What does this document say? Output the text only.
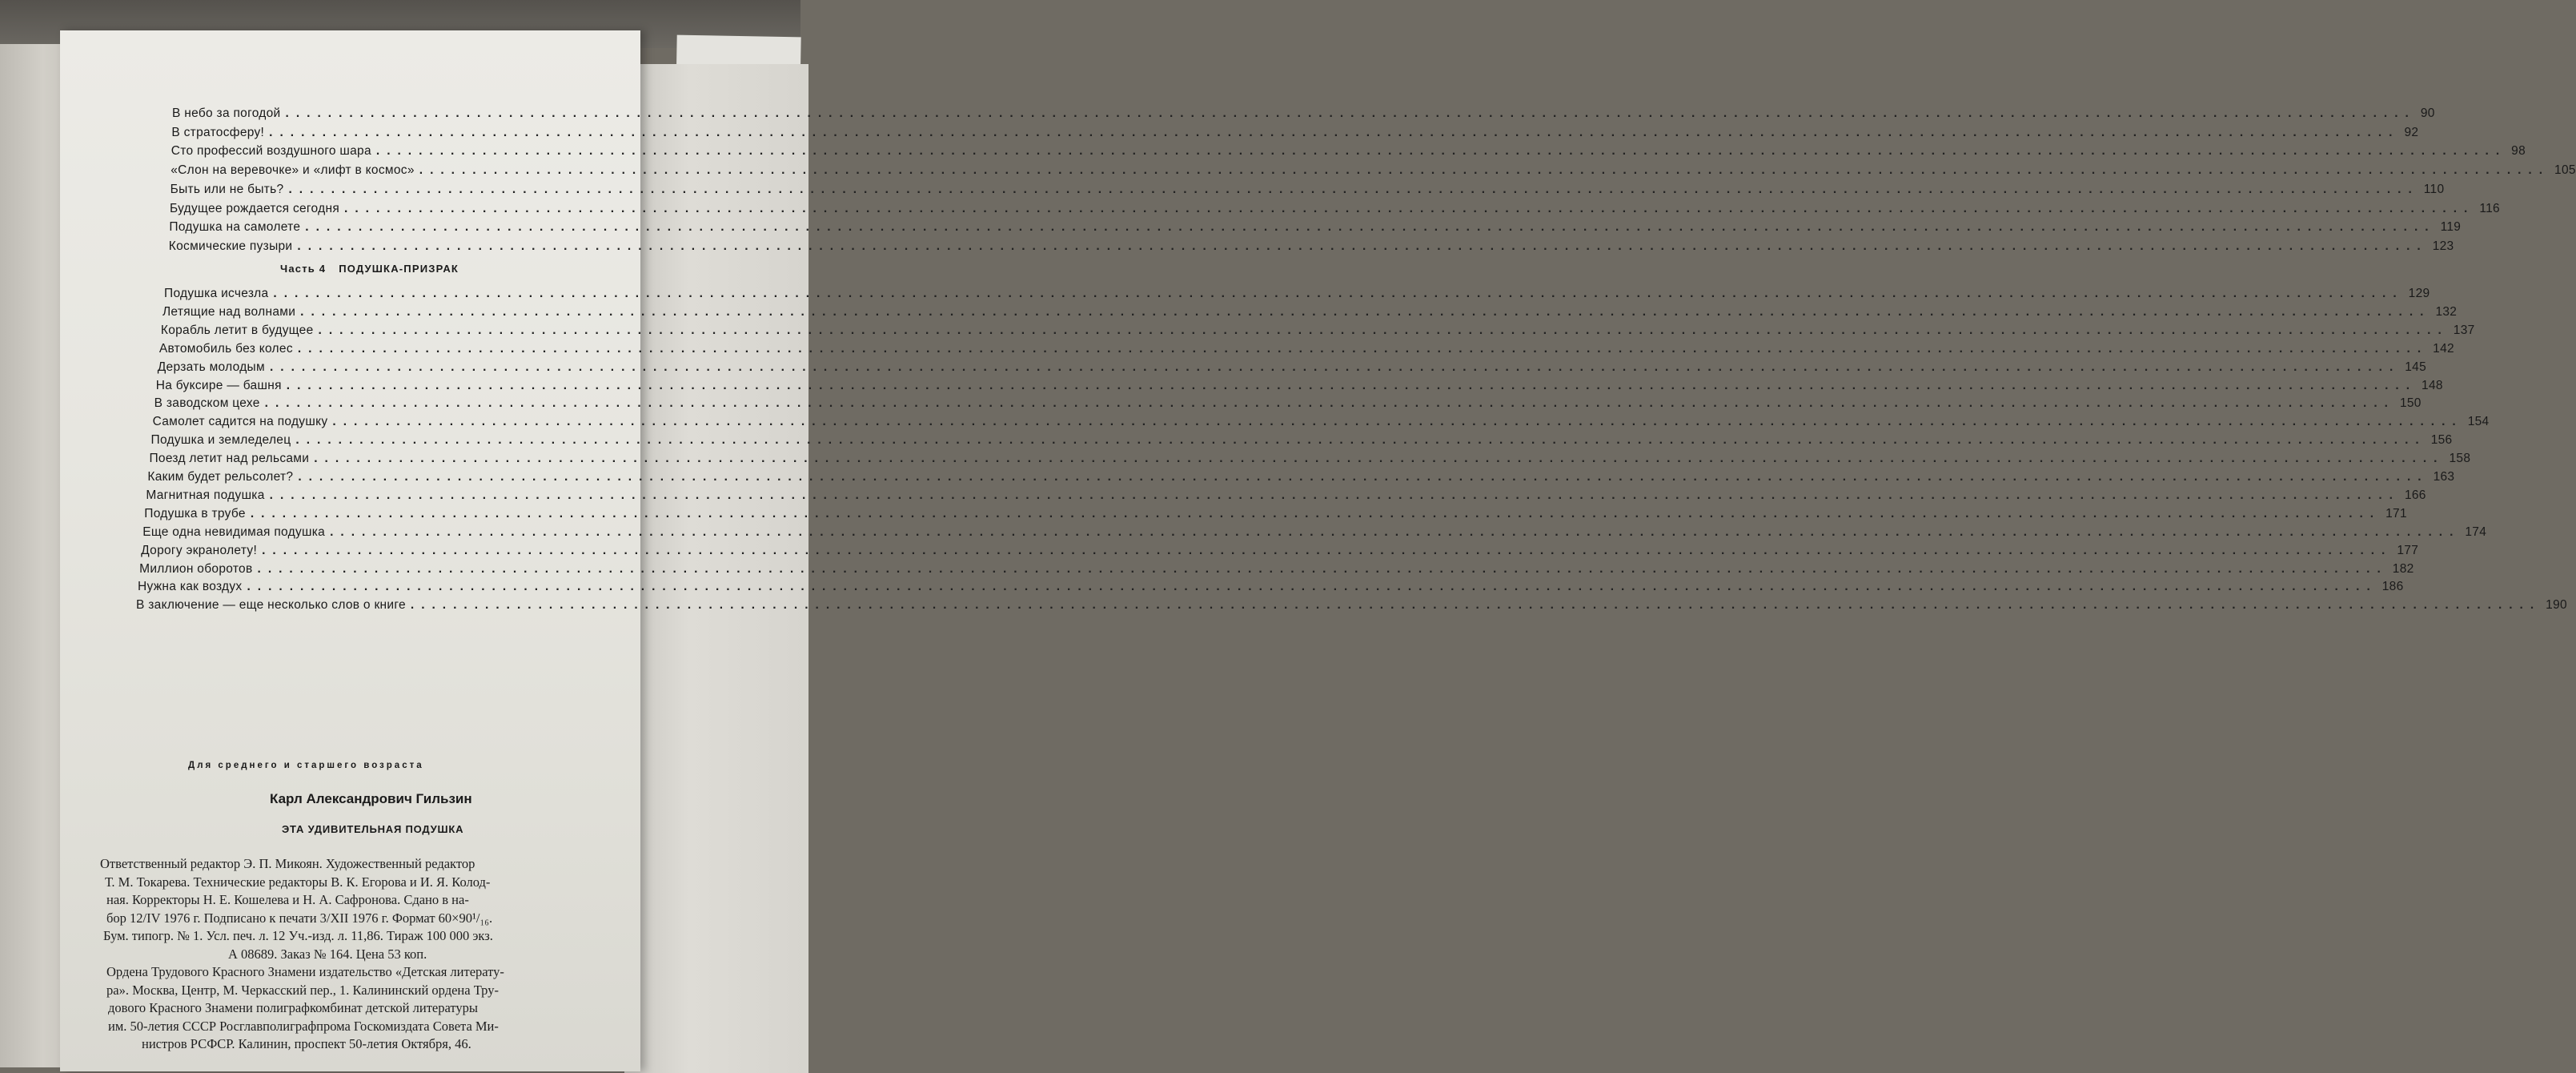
В небо за погодой ........................................................................................................................................................................................................ 90
В стратосферу! ........................................................................................................................................................................................................ 92
Сто профессий воздушного шара ........................................................................................................................................................................................................ 98
«Слон на веревочке» и «лифт в космос» ........................................................................................................................................................................................................ 105
Быть или не быть? ........................................................................................................................................................................................................ 110
Будущее рождается сегодня ........................................................................................................................................................................................................ 116
Подушка на самолете ........................................................................................................................................................................................................ 119
Космические пузыри ........................................................................................................................................................................................................ 123
Подушка исчезла ........................................................................................................................................................................................................ 129
Летящие над волнами ........................................................................................................................................................................................................ 132
Корабль летит в будущее ........................................................................................................................................................................................................ 137
Автомобиль без колес ........................................................................................................................................................................................................ 142
Дерзать молодым ........................................................................................................................................................................................................ 145
На буксире — башня ........................................................................................................................................................................................................ 148
В заводском цехе ........................................................................................................................................................................................................ 150
Самолет садится на подушку ........................................................................................................................................................................................................ 154
Подушка и земледелец ........................................................................................................................................................................................................ 156
Поезд летит над рельсами ........................................................................................................................................................................................................ 158
Каким будет рельсолет? ........................................................................................................................................................................................................ 163
Магнитная подушка ........................................................................................................................................................................................................ 166
Подушка в трубе ........................................................................................................................................................................................................ 171
Еще одна невидимая подушка ........................................................................................................................................................................................................ 174
Дорогу экранолету! ........................................................................................................................................................................................................ 177
Миллион оборотов ........................................................................................................................................................................................................ 182
Нужна как воздух ........................................................................................................................................................................................................ 186
В заключение — еще несколько слов о книге ........................................................................................................................................................................................................ 190
Часть 4 ПОДУШКА-ПРИЗРАК
Для среднего и старшего возраста
Карл Александрович Гильзин
ЭТА УДИВИТЕЛЬНАЯ ПОДУШКА
Ответственный редактор Э. П. Микоян. Художественный редактор
Т. М. Токарева. Технические редакторы В. К. Егорова и И. Я. Колод-
ная. Корректоры Н. Е. Кошелева и Н. А. Сафронова. Сдано в на-
бор 12/IV 1976 г. Подписано к печати 3/XII 1976 г. Формат 60×90¹/₁₆.
Бум. типогр. № 1. Усл. печ. л. 12 Уч.-изд. л. 11,86. Тираж 100 000 экз.
А 08689. Заказ № 164. Цена 53 коп.
Ордена Трудового Красного Знамени издательство «Детская литерату-
ра». Москва, Центр, М. Черкасский пер., 1. Калининский ордена Тру-
дового Красного Знамени полиграфкомбинат детской литературы
им. 50-летия СССР Росглавполиграфпрома Госкомиздата Совета Ми-
нистров РСФСР. Калинин, проспект 50-летия Октября, 46.
